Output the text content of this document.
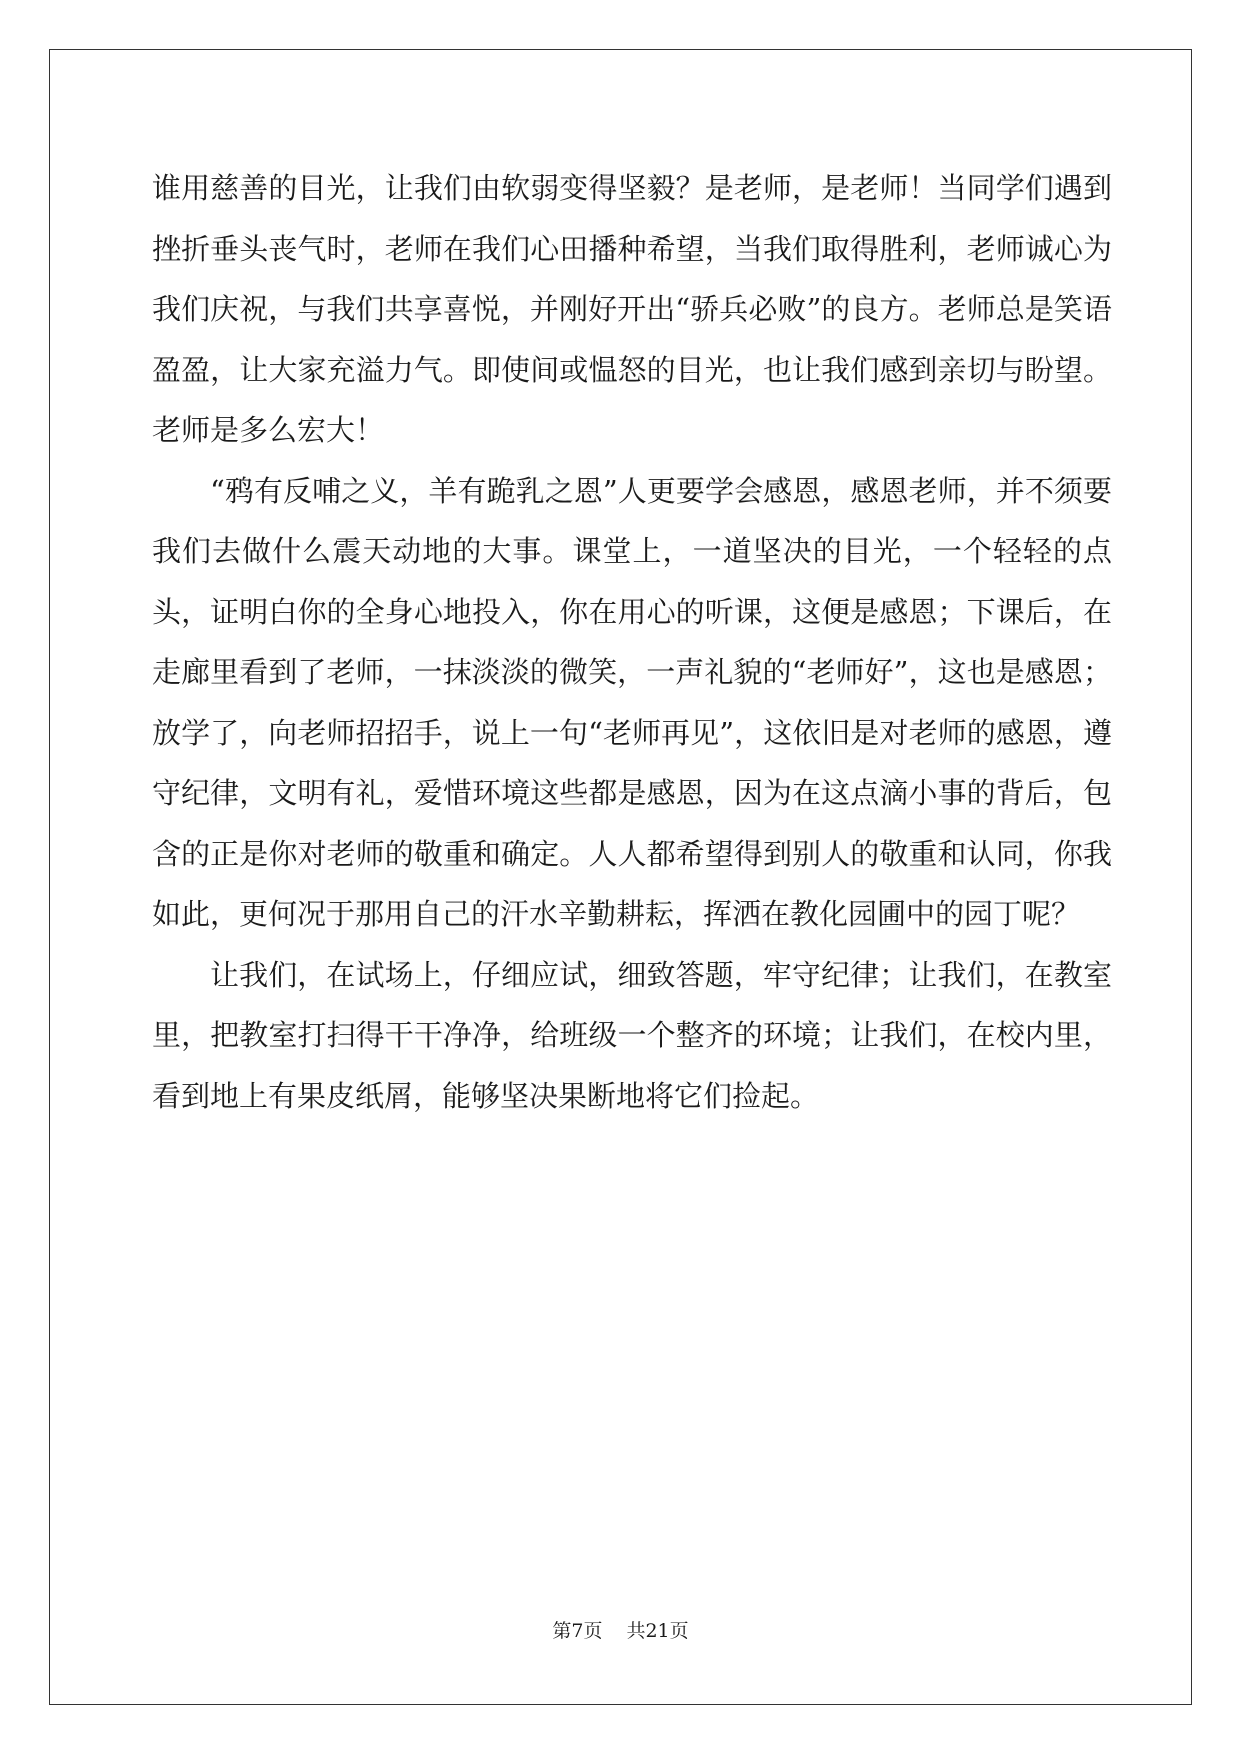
谁用慈善的目光，让我们由软弱变得坚毅？是老师，是老师！当同学们遇到挫折垂头丧气时，老师在我们心田播种希望，当我们取得胜利，老师诚心为我们庆祝，与我们共享喜悦，并刚好开出“骄兵必败”的良方。老师总是笑语盈盈，让大家充溢力气。即使间或愠怒的目光，也让我们感到亲切与盼望。老师是多么宏大！

“鸦有反哺之义，羊有跪乳之恩”人更要学会感恩，感恩老师，并不须要我们去做什么震天动地的大事。课堂上，一道坚决的目光，一个轻轻的点头，证明白你的全身心地投入，你在用心的听课，这便是感恩；下课后，在走廊里看到了老师，一抹淡淡的微笑，一声礼貌的“老师好”，这也是感恩；放学了，向老师招招手，说上一句“老师再见”，这依旧是对老师的感恩，遵守纪律，文明有礼，爱惜环境这些都是感恩，因为在这点滴小事的背后，包含的正是你对老师的敬重和确定。人人都希望得到别人的敬重和认同，你我如此，更何况于那用自己的汗水辛勤耕耘，挥洒在教化园圃中的园丁呢？

让我们，在试场上，仔细应试，细致答题，牢守纪律；让我们，在教室里，把教室打扫得干干净净，给班级一个整齐的环境；让我们，在校内里，看到地上有果皮纸屑，能够坚决果断地将它们捡起。

第7页 共21页
